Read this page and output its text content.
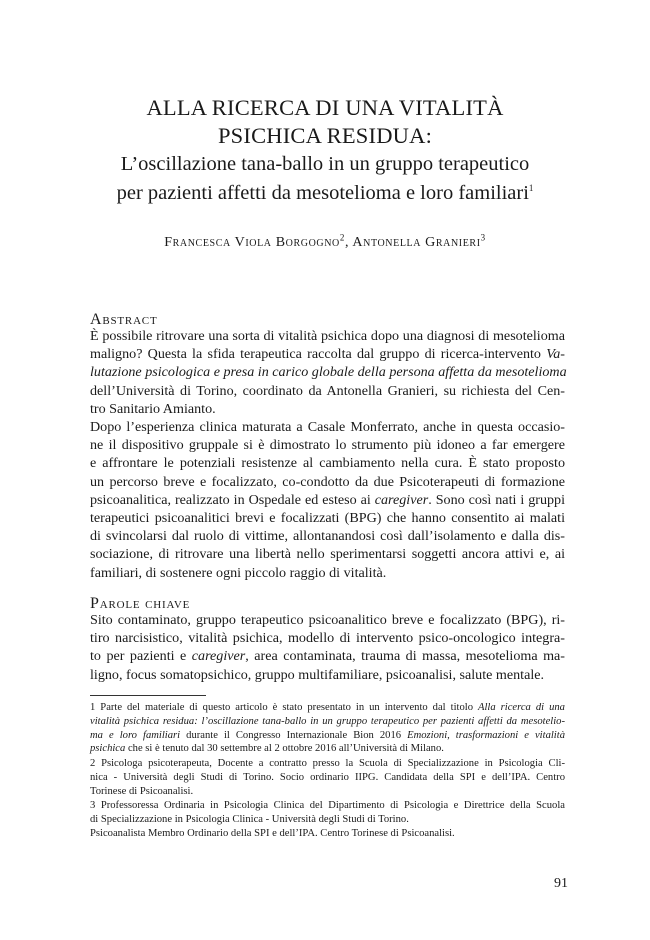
ALLA RICERCA DI UNA VITALITÀ
PSICHICA RESIDUA:
L’oscillazione tana-ballo in un gruppo terapeutico
per pazienti affetti da mesotelioma e loro familiari$^1$
Francesca Viola Borgogno$^2$, Antonella Granieri$^3$
Abstract
È possibile ritrovare una sorta di vitalità psichica dopo una diagnosi di mesotelioma
maligno? Questa la sfida terapeutica raccolta dal gruppo di ricerca-intervento Va-
lutazione psicologica e presa in carico globale della persona affetta da mesotelioma
dell’Università di Torino, coordinato da Antonella Granieri, su richiesta del Cen-
tro Sanitario Amianto.
Dopo l’esperienza clinica maturata a Casale Monferrato, anche in questa occasio-
ne il dispositivo gruppale si è dimostrato lo strumento più idoneo a far emergere
e affrontare le potenziali resistenze al cambiamento nella cura. È stato proposto
un percorso breve e focalizzato, co-condotto da due Psicoterapeuti di formazione
psicoanalitica, realizzato in Ospedale ed esteso ai caregiver. Sono così nati i gruppi
terapeutici psicoanalitici brevi e focalizzati (BPG) che hanno consentito ai malati
di svincolarsi dal ruolo di vittime, allontanandosi così dall’isolamento e dalla dis-
sociazione, di ritrovare una libertà nello sperimentarsi soggetti ancora attivi e, ai
familiari, di sostenere ogni piccolo raggio di vitalità.
Parole chiave
Sito contaminato, gruppo terapeutico psicoanalitico breve e focalizzato (BPG), ri-
tiro narcisistico, vitalità psichica, modello di intervento psico-oncologico integra-
to per pazienti e caregiver, area contaminata, trauma di massa, mesotelioma ma-
ligno, focus somatopsichico, gruppo multifamiliare, psicoanalisi, salute mentale.
1 Parte del materiale di questo articolo è stato presentato in un intervento dal titolo Alla ricerca di una
vitalità psichica residua: l’oscillazione tana-ballo in un gruppo terapeutico per pazienti affetti da mesotelio-
ma e loro familiari durante il Congresso Internazionale Bion 2016 Emozioni, trasformazioni e vitalità
psichica che si è tenuto dal 30 settembre al 2 ottobre 2016 all’Università di Milano.
2 Psicologa psicoterapeuta, Docente a contratto presso la Scuola di Specializzazione in Psicologia Cli-
nica - Università degli Studi di Torino. Socio ordinario IIPG. Candidata della SPI e dell’IPA. Centro
Torinese di Psicoanalisi.
3 Professoressa Ordinaria in Psicologia Clinica del Dipartimento di Psicologia e Direttrice della Scuola
di Specializzazione in Psicologia Clinica - Università degli Studi di Torino.
Psicoanalista Membro Ordinario della SPI e dell’IPA. Centro Torinese di Psicoanalisi.
91
